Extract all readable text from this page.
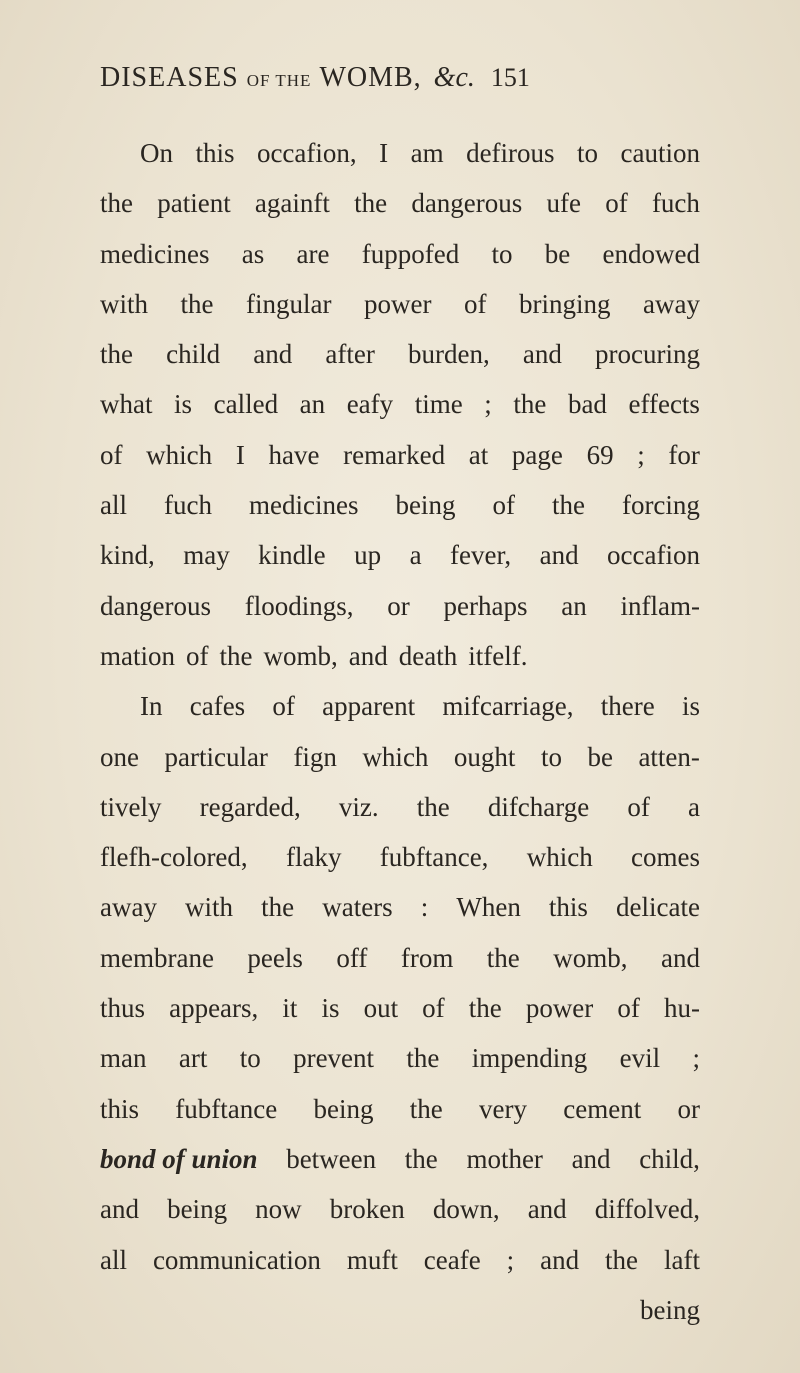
DISEASES OF THE WOMB, &c. 151
On this occafion, I am defirous to caution
the patient againft the dangerous ufe of fuch
medicines as are fuppofed to be endowed
with the fingular power of bringing away
the child and after burden, and procuring
what is called an eafy time ; the bad effects
of which I have remarked at page 69 ; for
all fuch medicines being of the forcing
kind, may kindle up a fever, and occafion
dangerous floodings, or perhaps an inflam-
mation of the womb, and death itfelf.
In cafes of apparent mifcarriage, there is
one particular fign which ought to be atten-
tively regarded, viz. the difcharge of a
flefh-colored, flaky fubftance, which comes
away with the waters : When this delicate
membrane peels off from the womb, and
thus appears, it is out of the power of hu-
man art to prevent the impending evil ;
this fubftance being the very cement or
bond of union between the mother and child,
and being now broken down, and diffolved,
all communication muft ceafe ; and the laft
being
